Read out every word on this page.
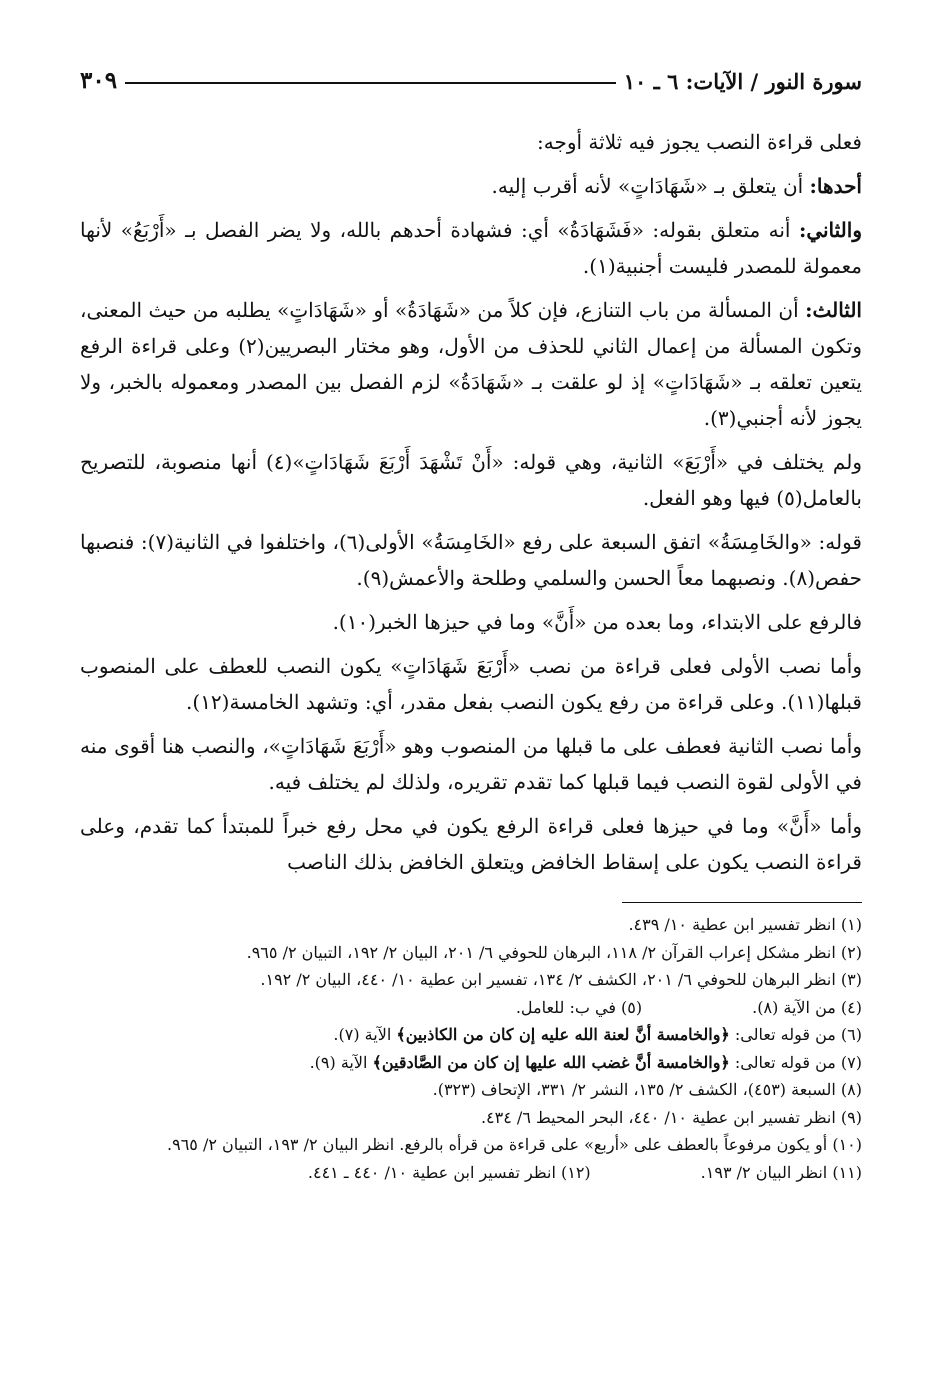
سورة النور / الآيات: ٦ ـ ١٠
٣٠٩

فعلى قراءة النصب يجوز فيه ثلاثة أوجه:

أحدها: أن يتعلق بـ «شَهَادَاتٍ» لأنه أقرب إليه.

والثاني: أنه متعلق بقوله: «فَشَهَادَةُ» أي: فشهادة أحدهم بالله، ولا يضر الفصل بـ «أَرْبَعُ» لأنها معمولة للمصدر فليست أجنبية(١).

الثالث: أن المسألة من باب التنازع، فإن كلاً من «شَهَادَةُ» أو «شَهَادَاتٍ» يطلبه من حيث المعنى، وتكون المسألة من إعمال الثاني للحذف من الأول، وهو مختار البصريين(٢) وعلى قراءة الرفع يتعين تعلقه بـ «شَهَادَاتٍ» إذ لو علقت بـ «شَهَادَةُ» لزم الفصل بين المصدر ومعموله بالخبر، ولا يجوز لأنه أجنبي(٣).

ولم يختلف في «أَرْبَعَ» الثانية، وهي قوله: «أَنْ تَشْهَدَ أَرْبَعَ شَهَادَاتٍ»(٤) أنها منصوبة، للتصريح بالعامل(٥) فيها وهو الفعل.

قوله: «والخَامِسَةُ» اتفق السبعة على رفع «الخَامِسَةُ» الأولى(٦)، واختلفوا في الثانية(٧): فنصبها حفص(٨). ونصبهما معاً الحسن والسلمي وطلحة والأعمش(٩).

فالرفع على الابتداء، وما بعده من «أَنَّ» وما في حيزها الخبر(١٠).

وأما نصب الأولى فعلى قراءة من نصب «أَرْبَعَ شَهَادَاتٍ» يكون النصب للعطف على المنصوب قبلها(١١). وعلى قراءة من رفع يكون النصب بفعل مقدر، أي: وتشهد الخامسة(١٢).

وأما نصب الثانية فعطف على ما قبلها من المنصوب وهو «أَرْبَعَ شَهَادَاتٍ»، والنصب هنا أقوى منه في الأولى لقوة النصب فيما قبلها كما تقدم تقريره، ولذلك لم يختلف فيه.

وأما «أَنَّ» وما في حيزها فعلى قراءة الرفع يكون في محل رفع خبراً للمبتدأ كما تقدم، وعلى قراءة النصب يكون على إسقاط الخافض ويتعلق الخافض بذلك الناصب

(١) انظر تفسير ابن عطية ١٠/ ٤٣٩.

(٢) انظر مشكل إعراب القرآن ٢/ ١١٨، البرهان للحوفي ٦/ ٢٠١، البيان ٢/ ١٩٢، التبيان ٢/ ٩٦٥.

(٣) انظر البرهان للحوفي ٦/ ٢٠١، الكشف ٢/ ١٣٤، تفسير ابن عطية ١٠/ ٤٤٠، البيان ٢/ ١٩٢.

(٤) من الآية (٨).

(٥) في ب: للعامل.

(٦) من قوله تعالى: ﴿والخامسة أنَّ لعنة الله عليه إن كان من الكاذبين﴾ الآية (٧).

(٧) من قوله تعالى: ﴿والخامسة أنَّ غضب الله عليها إن كان من الصَّادقين﴾ الآية (٩).

(٨) السبعة (٤٥٣)، الكشف ٢/ ١٣٥، النشر ٢/ ٣٣١، الإتحاف (٣٢٣).

(٩) انظر تفسير ابن عطية ١٠/ ٤٤٠، البحر المحيط ٦/ ٤٣٤.

(١٠) أو يكون مرفوعاً بالعطف على «أربع» على قراءة من قرأه بالرفع. انظر البيان ٢/ ١٩٣، التبيان ٢/ ٩٦٥.

(١١) انظر البيان ٢/ ١٩٣.

(١٢) انظر تفسير ابن عطية ١٠/ ٤٤٠ ـ ٤٤١.
